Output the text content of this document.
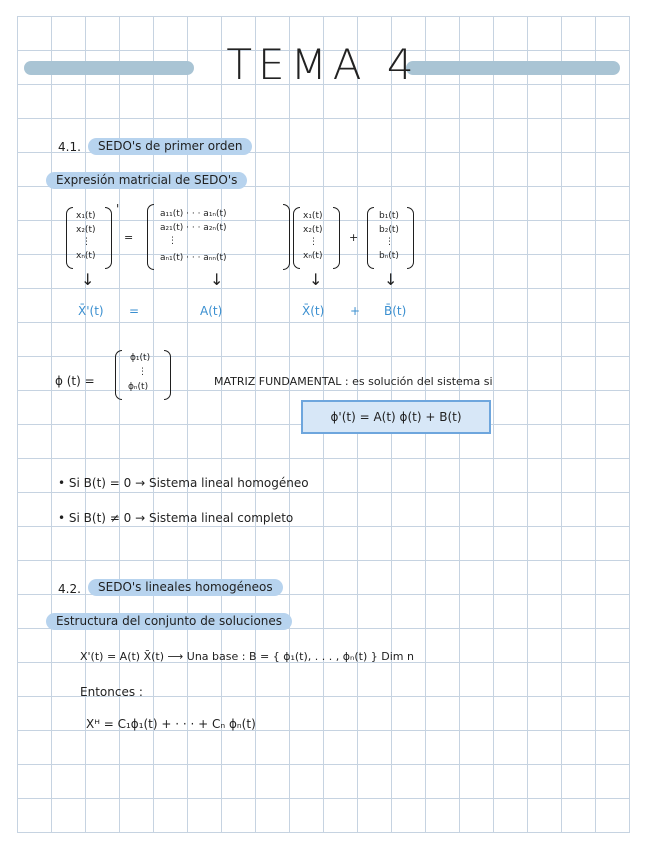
TEMA 4
4.1.	SEDO's de primer orden
Expresión matricial de SEDO's
x₁(t)
x₂(t)
⋮
xₙ(t)
'
=
a₁₁(t) · · · a₁ₙ(t)
a₂₁(t) · · · a₂ₙ(t)
⋮
aₙ₁(t) · · · aₙₙ(t)
x₁(t)
x₂(t)
⋮
xₙ(t)
+
b₁(t)
b₂(t)
⋮
bₙ(t)
↓	↓	↓	↓
X̄'(t) =	A(t)	X̄(t) + B̄(t)
ϕ (t) =
ϕ₁(t)
⋮
ϕₙ(t)	MATRIZ FUNDAMENTAL : es solución del sistema si
ϕ'(t) = A(t) ϕ(t) + B(t)
• Si B(t) = 0 → Sistema lineal homogéneo
• Si B(t) ≠ 0 → Sistema lineal completo
4.2.	SEDO's lineales homogéneos
Estructura del conjunto de soluciones
X'(t) = A(t) X̄(t) ⟶ Una base : B = { ϕ₁(t), . . . , ϕₙ(t) } Dim n
Entonces :
Xᴴ = C₁ϕ₁(t) + · · · + Cₙ ϕₙ(t)
